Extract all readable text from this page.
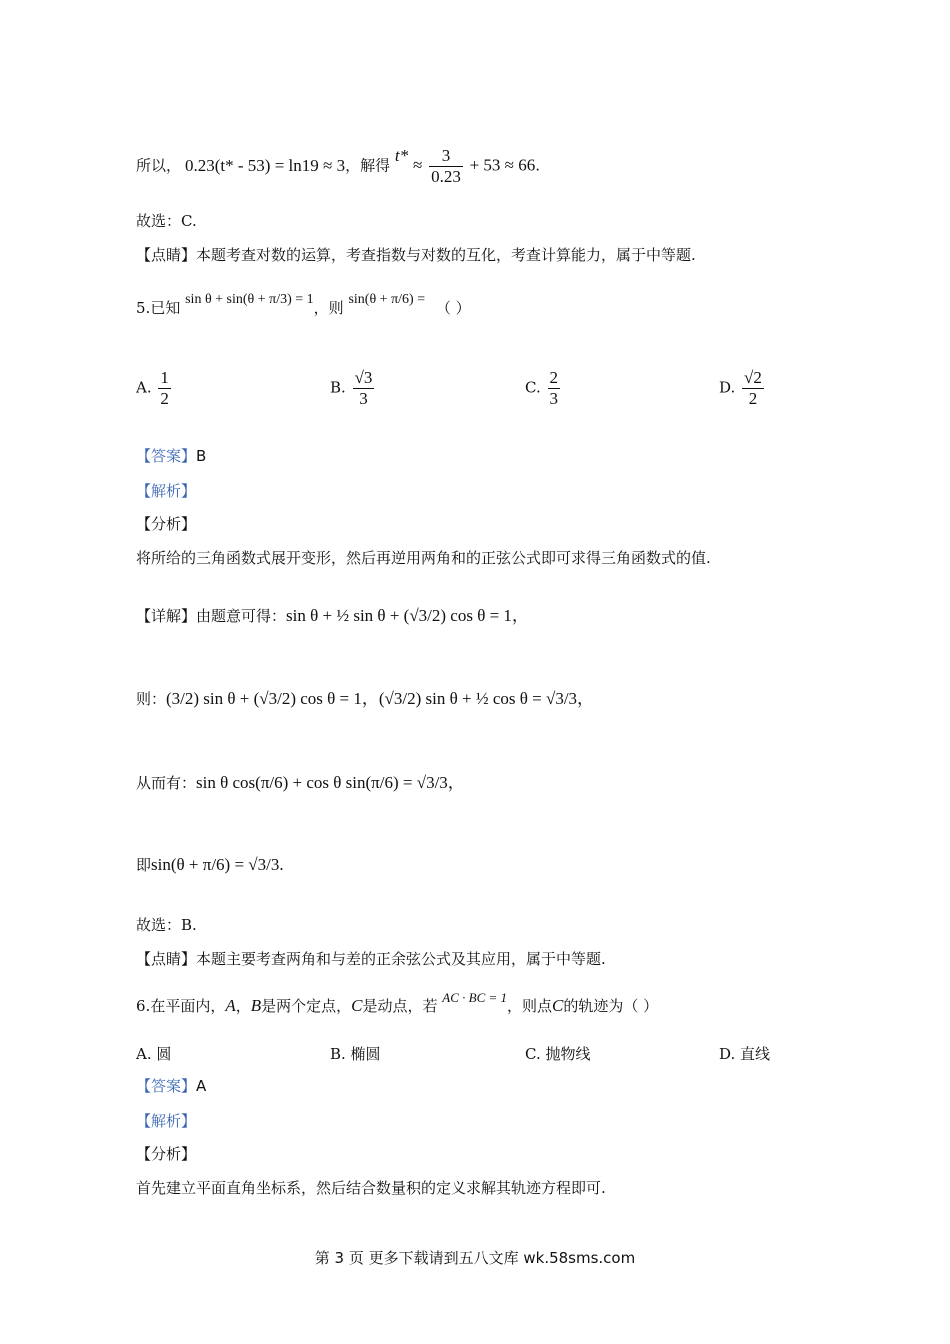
所以， 0.23(t* - 53) = ln19 ≈ 3，解得 $t* \approx \frac{3}{0.23} + 53 \approx 66$.
故选：C.
【点睛】本题考查对数的运算，考查指数与对数的互化，考查计算能力，属于中等题.
5.已知 sin θ + sin(θ + π/3) = 1，则 sin(θ + π/6) = （ ）
A. $\frac{1}{2}$	B. $\frac{√3}{3}$	C. $\frac{2}{3}$	D. $\frac{√2}{2}$
【答案】B
【解析】
【分析】
将所给的三角函数式展开变形，然后再逆用两角和的正弦公式即可求得三角函数式的值.
【详解】由题意可得：sin θ + ½ sin θ + (√3/2) cos θ = 1，
则：(3/2) sin θ + (√3/2) cos θ = 1，(√3/2) sin θ + ½ cos θ = √3/3，
从而有：sin θ cos(π/6) + cos θ sin(π/6) = √3/3，
即sin(θ + π/6) = √3/3.
故选：B.
【点睛】本题主要考查两角和与差的正余弦公式及其应用，属于中等题.
6.在平面内，A，B是两个定点，C是动点，若 AC · BC = 1，则点C的轨迹为（ ）
A. 圆	B. 椭圆	C. 抛物线	D. 直线
【答案】A
【解析】
【分析】
首先建立平面直角坐标系，然后结合数量积的定义求解其轨迹方程即可.
第 3 页 更多下载请到五八文库 wk.58sms.com
